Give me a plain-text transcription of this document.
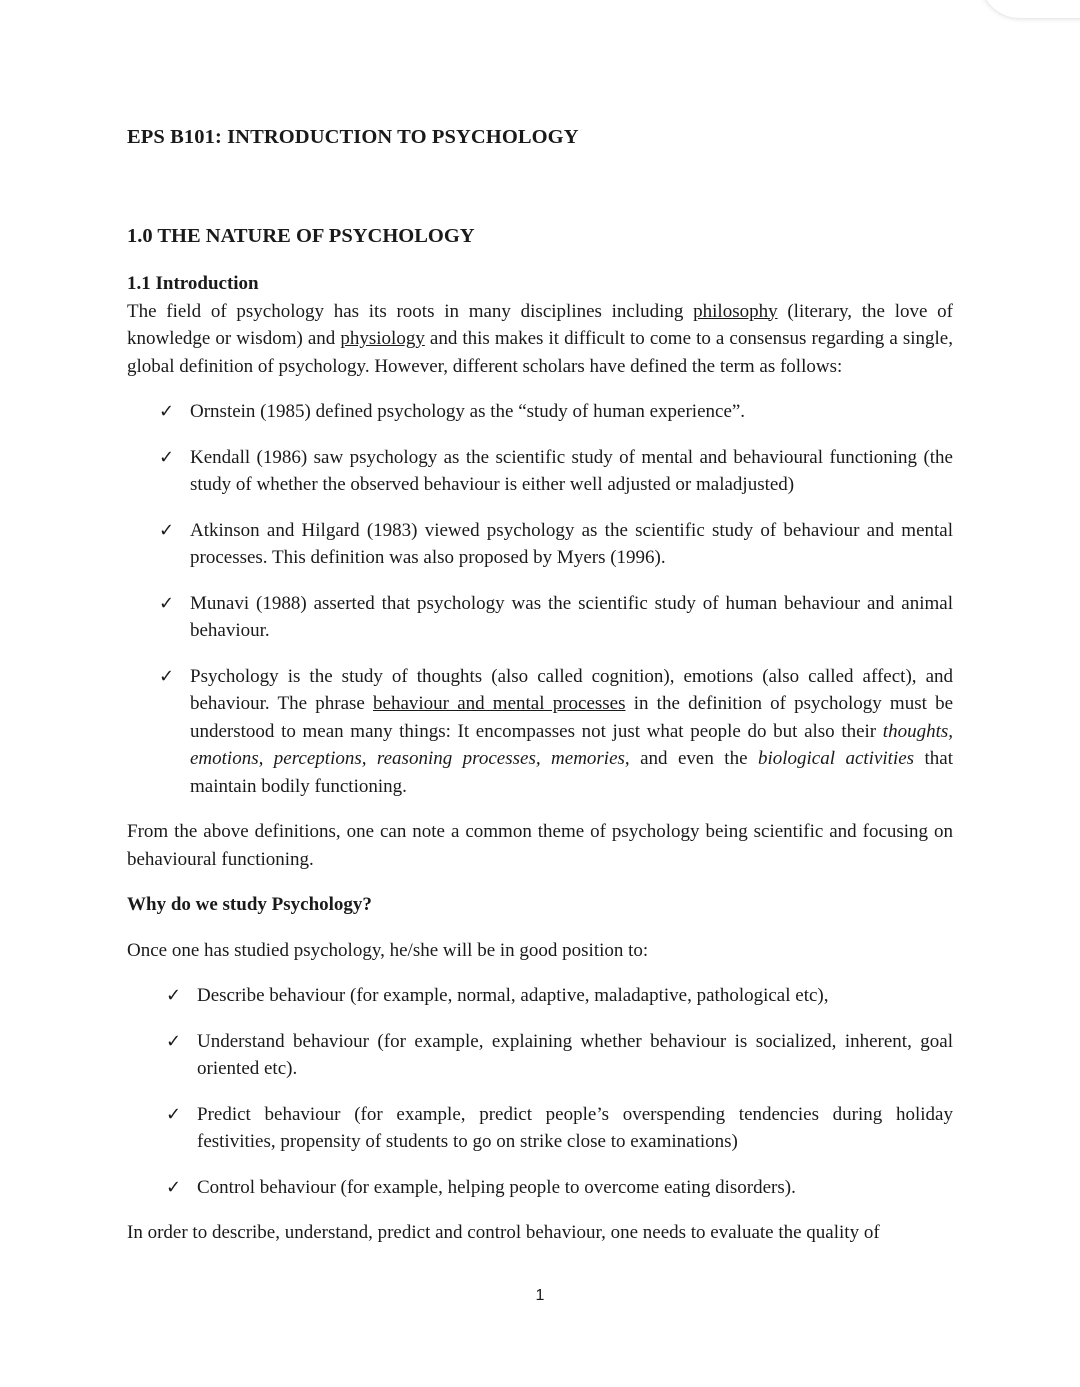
EPS B101: INTRODUCTION TO PSYCHOLOGY
1.0 THE NATURE OF PSYCHOLOGY

1.1 Introduction

The field of psychology has its roots in many disciplines including philosophy (literary, the love of knowledge or wisdom) and physiology and this makes it difficult to come to a consensus regarding a single, global definition of psychology. However, different scholars have defined the term as follows:

✓ Ornstein (1985) defined psychology as the “study of human experience”.
✓ Kendall (1986) saw psychology as the scientific study of mental and behavioural functioning (the study of whether the observed behaviour is either well adjusted or maladjusted)
✓ Atkinson and Hilgard (1983) viewed psychology as the scientific study of behaviour and mental processes. This definition was also proposed by Myers (1996).
✓ Munavi (1988) asserted that psychology was the scientific study of human behaviour and animal behaviour.
✓ Psychology is the study of thoughts (also called cognition), emotions (also called affect), and behaviour. The phrase behaviour and mental processes in the definition of psychology must be understood to mean many things: It encompasses not just what people do but also their thoughts, emotions, perceptions, reasoning processes, memories, and even the biological activities that maintain bodily functioning.

From the above definitions, one can note a common theme of psychology being scientific and focusing on behavioural functioning.

Why do we study Psychology?

Once one has studied psychology, he/she will be in good position to:

✓ Describe behaviour (for example, normal, adaptive, maladaptive, pathological etc),
✓ Understand behaviour (for example, explaining whether behaviour is socialized, inherent, goal oriented etc).
✓ Predict behaviour (for example, predict people’s overspending tendencies during holiday festivities, propensity of students to go on strike close to examinations)
✓ Control behaviour (for example, helping people to overcome eating disorders).

In order to describe, understand, predict and control behaviour, one needs to evaluate the quality of

1
